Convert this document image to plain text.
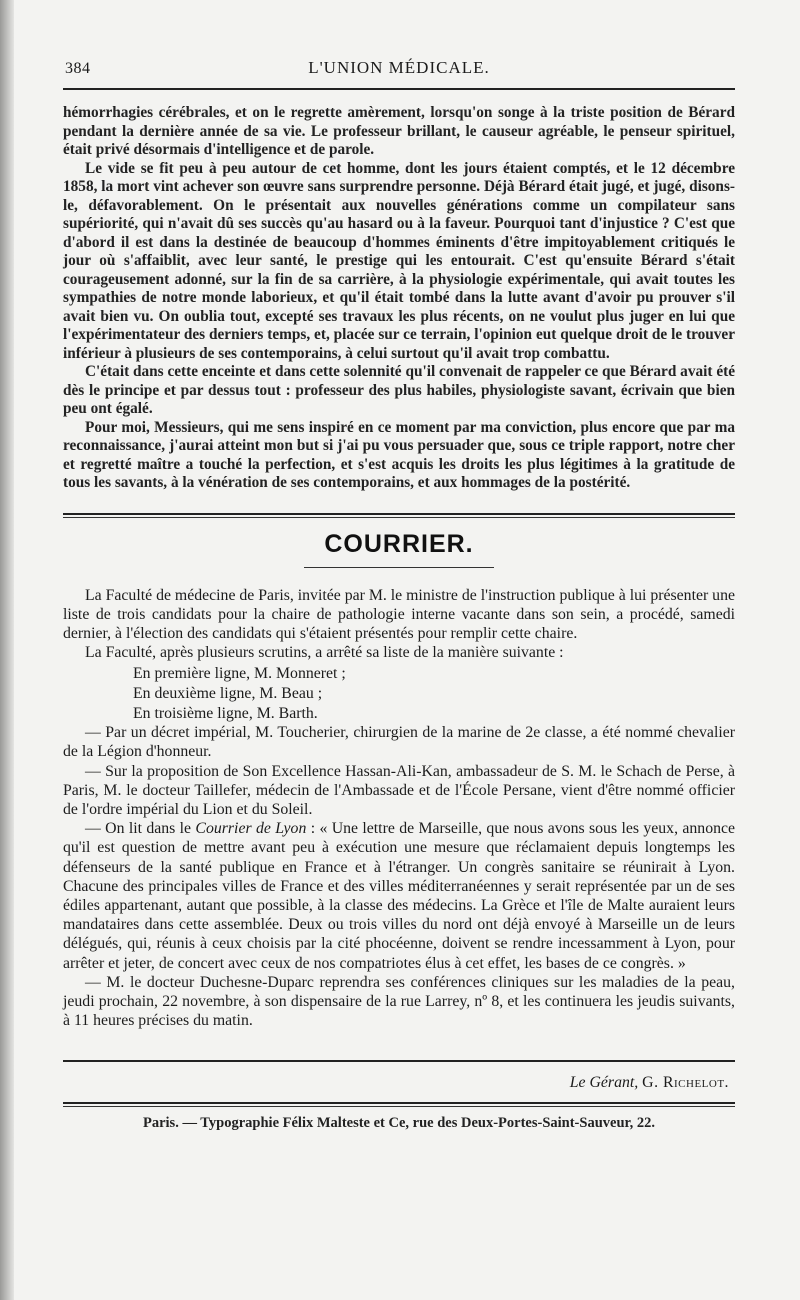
384	L'UNION MÉDICALE.

hémorrhagies cérébrales, et on le regrette amèrement, lorsqu'on songe à la triste position de Bérard pendant la dernière année de sa vie. Le professeur brillant, le causeur agréable, le penseur spirituel, était privé désormais d'intelligence et de parole.

Le vide se fit peu à peu autour de cet homme, dont les jours étaient comptés, et le 12 décembre 1858, la mort vint achever son œuvre sans surprendre personne. Déjà Bérard était jugé, et jugé, disons-le, défavorablement. On le présentait aux nouvelles générations comme un compilateur sans supériorité, qui n'avait dû ses succès qu'au hasard ou à la faveur. Pourquoi tant d'injustice ? C'est que d'abord il est dans la destinée de beaucoup d'hommes éminents d'être impitoyablement critiqués le jour où s'affaiblit, avec leur santé, le prestige qui les entourait. C'est qu'ensuite Bérard s'était courageusement adonné, sur la fin de sa carrière, à la physiologie expérimentale, qui avait toutes les sympathies de notre monde laborieux, et qu'il était tombé dans la lutte avant d'avoir pu prouver s'il avait bien vu. On oublia tout, excepté ses travaux les plus récents, on ne voulut plus juger en lui que l'expérimentateur des derniers temps, et, placée sur ce terrain, l'opinion eut quelque droit de le trouver inférieur à plusieurs de ses contemporains, à celui surtout qu'il avait trop combattu.

C'était dans cette enceinte et dans cette solennité qu'il convenait de rappeler ce que Bérard avait été dès le principe et par dessus tout : professeur des plus habiles, physiologiste savant, écrivain que bien peu ont égalé.

Pour moi, Messieurs, qui me sens inspiré en ce moment par ma conviction, plus encore que par ma reconnaissance, j'aurai atteint mon but si j'ai pu vous persuader que, sous ce triple rapport, notre cher et regretté maître a touché la perfection, et s'est acquis les droits les plus légitimes à la gratitude de tous les savants, à la vénération de ses contemporains, et aux hommages de la postérité.

COURRIER.

La Faculté de médecine de Paris, invitée par M. le ministre de l'instruction publique à lui présenter une liste de trois candidats pour la chaire de pathologie interne vacante dans son sein, a procédé, samedi dernier, à l'élection des candidats qui s'étaient présentés pour remplir cette chaire.

La Faculté, après plusieurs scrutins, a arrêté sa liste de la manière suivante :

En première ligne, M. Monneret ;
En deuxième ligne, M. Beau ;
En troisième ligne, M. Barth.

— Par un décret impérial, M. Toucherier, chirurgien de la marine de 2e classe, a été nommé chevalier de la Légion d'honneur.

— Sur la proposition de Son Excellence Hassan-Ali-Kan, ambassadeur de S. M. le Schach de Perse, à Paris, M. le docteur Taillefer, médecin de l'Ambassade et de l'École Persane, vient d'être nommé officier de l'ordre impérial du Lion et du Soleil.

— On lit dans le Courrier de Lyon : « Une lettre de Marseille, que nous avons sous les yeux, annonce qu'il est question de mettre avant peu à exécution une mesure que réclamaient depuis longtemps les défenseurs de la santé publique en France et à l'étranger. Un congrès sanitaire se réunirait à Lyon. Chacune des principales villes de France et des villes méditerranéennes y serait représentée par un de ses édiles appartenant, autant que possible, à la classe des médecins. La Grèce et l'île de Malte auraient leurs mandataires dans cette assemblée. Deux ou trois villes du nord ont déjà envoyé à Marseille un de leurs délégués, qui, réunis à ceux choisis par la cité phocéenne, doivent se rendre incessamment à Lyon, pour arrêter et jeter, de concert avec ceux de nos compatriotes élus à cet effet, les bases de ce congrès. »

— M. le docteur Duchesne-Duparc reprendra ses conférences cliniques sur les maladies de la peau, jeudi prochain, 22 novembre, à son dispensaire de la rue Larrey, nº 8, et les continuera les jeudis suivants, à 11 heures précises du matin.

Le Gérant, G. Richelot.
Paris. — Typographie Félix Malteste et Ce, rue des Deux-Portes-Saint-Sauveur, 22.
